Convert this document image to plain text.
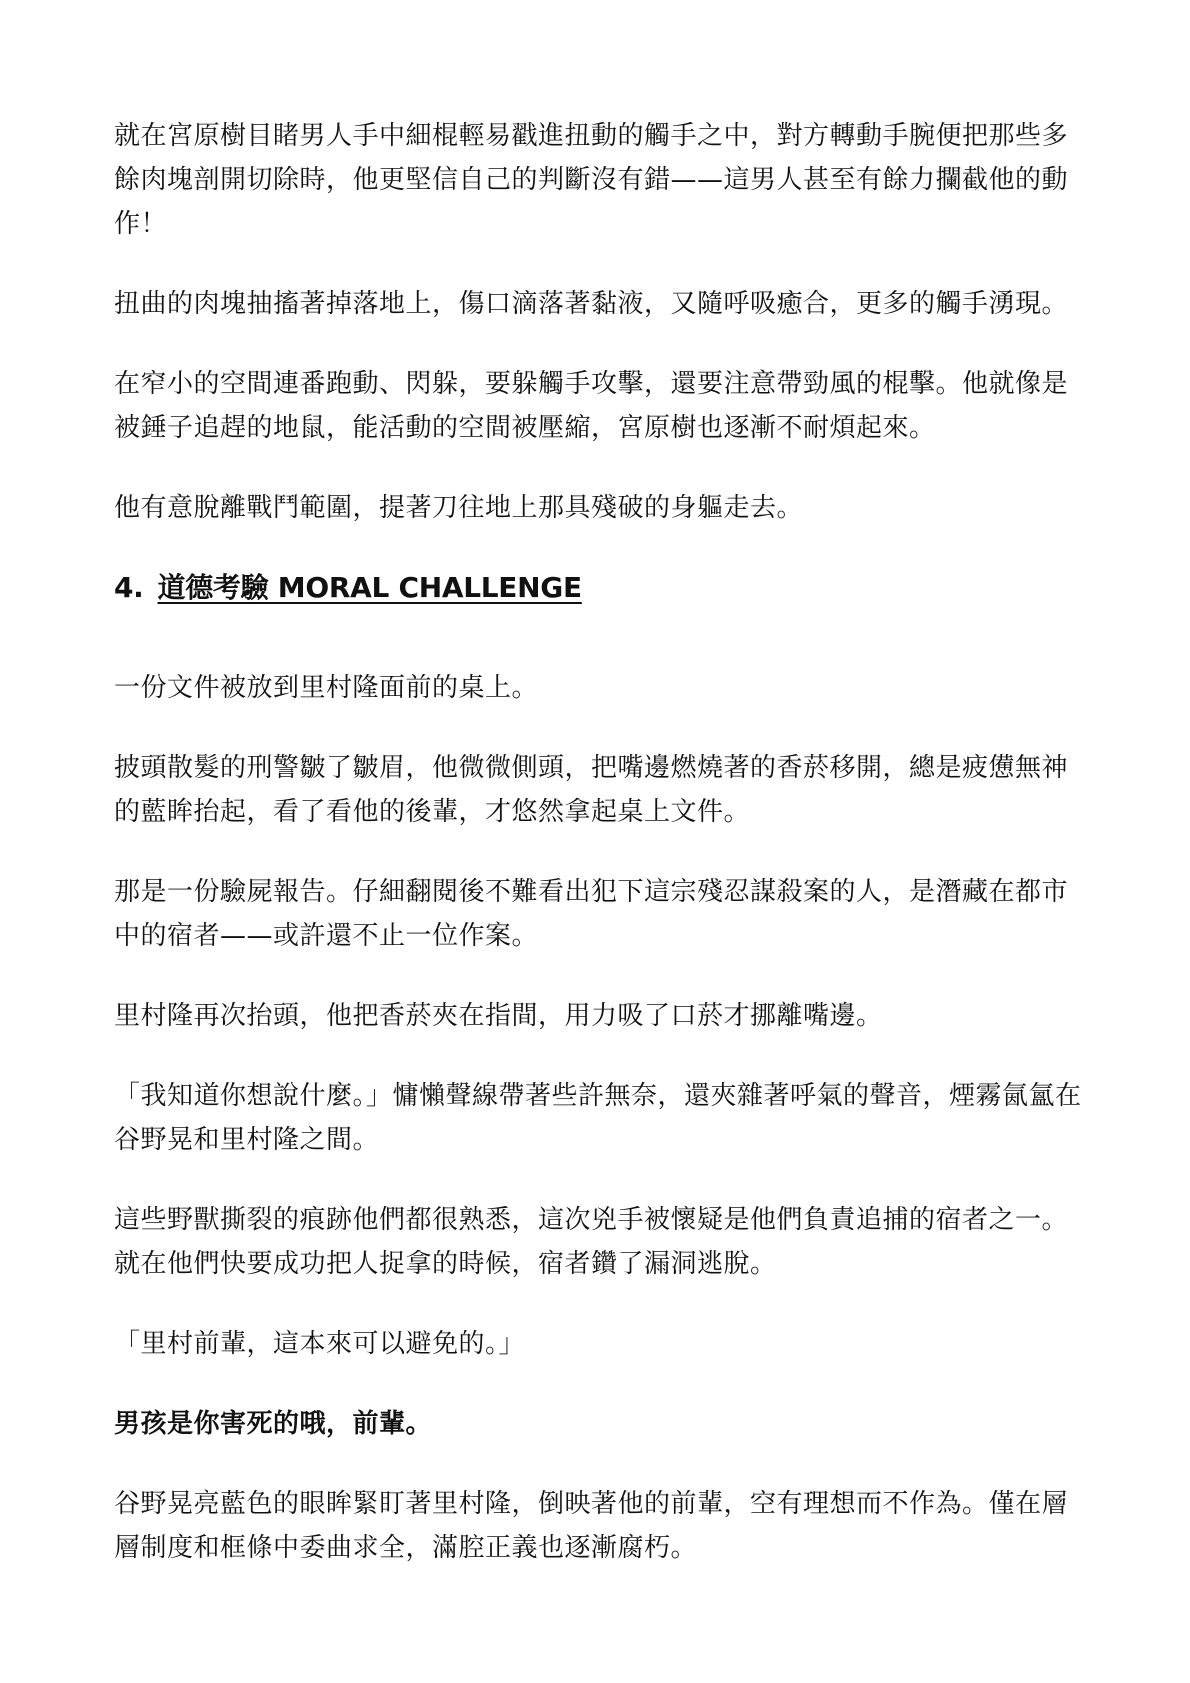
就在宮原樹目睹男人手中細棍輕易戳進扭動的觸手之中，對方轉動手腕便把那些多餘肉塊剖開切除時，他更堅信自己的判斷沒有錯——這男人甚至有餘力攔截他的動作！

扭曲的肉塊抽搐著掉落地上，傷口滴落著黏液，又隨呼吸癒合，更多的觸手湧現。

在窄小的空間連番跑動、閃躲，要躲觸手攻擊，還要注意帶勁風的棍擊。他就像是被錘子追趕的地鼠，能活動的空間被壓縮，宮原樹也逐漸不耐煩起來。

他有意脫離戰鬥範圍，提著刀往地上那具殘破的身軀走去。

4. 道德考驗 MORAL CHALLENGE

一份文件被放到里村隆面前的桌上。

披頭散髮的刑警皺了皺眉，他微微側頭，把嘴邊燃燒著的香菸移開，總是疲憊無神的藍眸抬起，看了看他的後輩，才悠然拿起桌上文件。

那是一份驗屍報告。仔細翻閱後不難看出犯下這宗殘忍謀殺案的人，是潛藏在都市中的宿者——或許還不止一位作案。

里村隆再次抬頭，他把香菸夾在指間，用力吸了口菸才挪離嘴邊。

「我知道你想說什麼。」慵懶聲線帶著些許無奈，還夾雜著呼氣的聲音，煙霧氤氳在谷野晃和里村隆之間。

這些野獸撕裂的痕跡他們都很熟悉，這次兇手被懷疑是他們負責追捕的宿者之一。就在他們快要成功把人捉拿的時候，宿者鑽了漏洞逃脫。

「里村前輩，這本來可以避免的。」

男孩是你害死的哦，前輩。

谷野晃亮藍色的眼眸緊盯著里村隆，倒映著他的前輩，空有理想而不作為。僅在層層制度和框條中委曲求全，滿腔正義也逐漸腐朽。
